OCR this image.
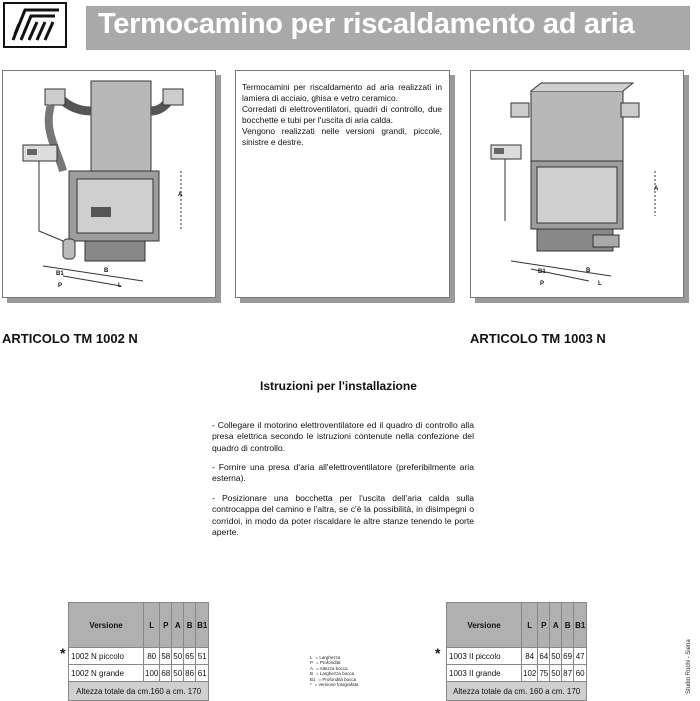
Termocamino per riscaldamento ad aria
A
B
B1
P	L
Termocamini per riscaldamento ad aria realizzati in lamiera di acciaio, ghisa e vetro ceramico.
Corredati di elettroventilatori, quadri di controllo, due bocchette e tubi per l'uscita di aria calda.
Vengono realizzati nelle versioni grandi, piccole, sinistre e destre.
A
B
B1
P	L
ARTICOLO TM 1002 N	ARTICOLO TM 1003 N
Istruzioni per l'installazione
- Collegare il motorino elettroventilatore ed il quadro di controllo alla presa elettrica secondo le istruzioni contenute nella confezione del quadro di controllo.
- Fornire una presa d'aria all'elettroventilatore (preferibilmente aria esterna).
- Posizionare una bocchetta per l'uscita dell'aria calda sulla controcappa del camino e l'altra, se c'è la possibilità, in disimpegni o corridoi, in modo da poter riscaldare le altre stanze tenendo le porte aperte.
*
Versione	L	P	A	B	B1
1002 N piccolo	80	58	50	65	51
1002 N grande	100	68	50	86	61
Altezza totale da cm.160 a cm. 170					
L = Larghezza
P = Profondità
A = Altezza bocca
B = Larghezza bocca
B1 = Profondità bocca
* = versione fotografata
*
Versione	L	P	A	B	B1
1003 II piccolo	84	64	50	69	47
1003 II grande	102	75	50	87	60
Altezza totale da cm. 160 a cm. 170						Studio Rochi - Siena
